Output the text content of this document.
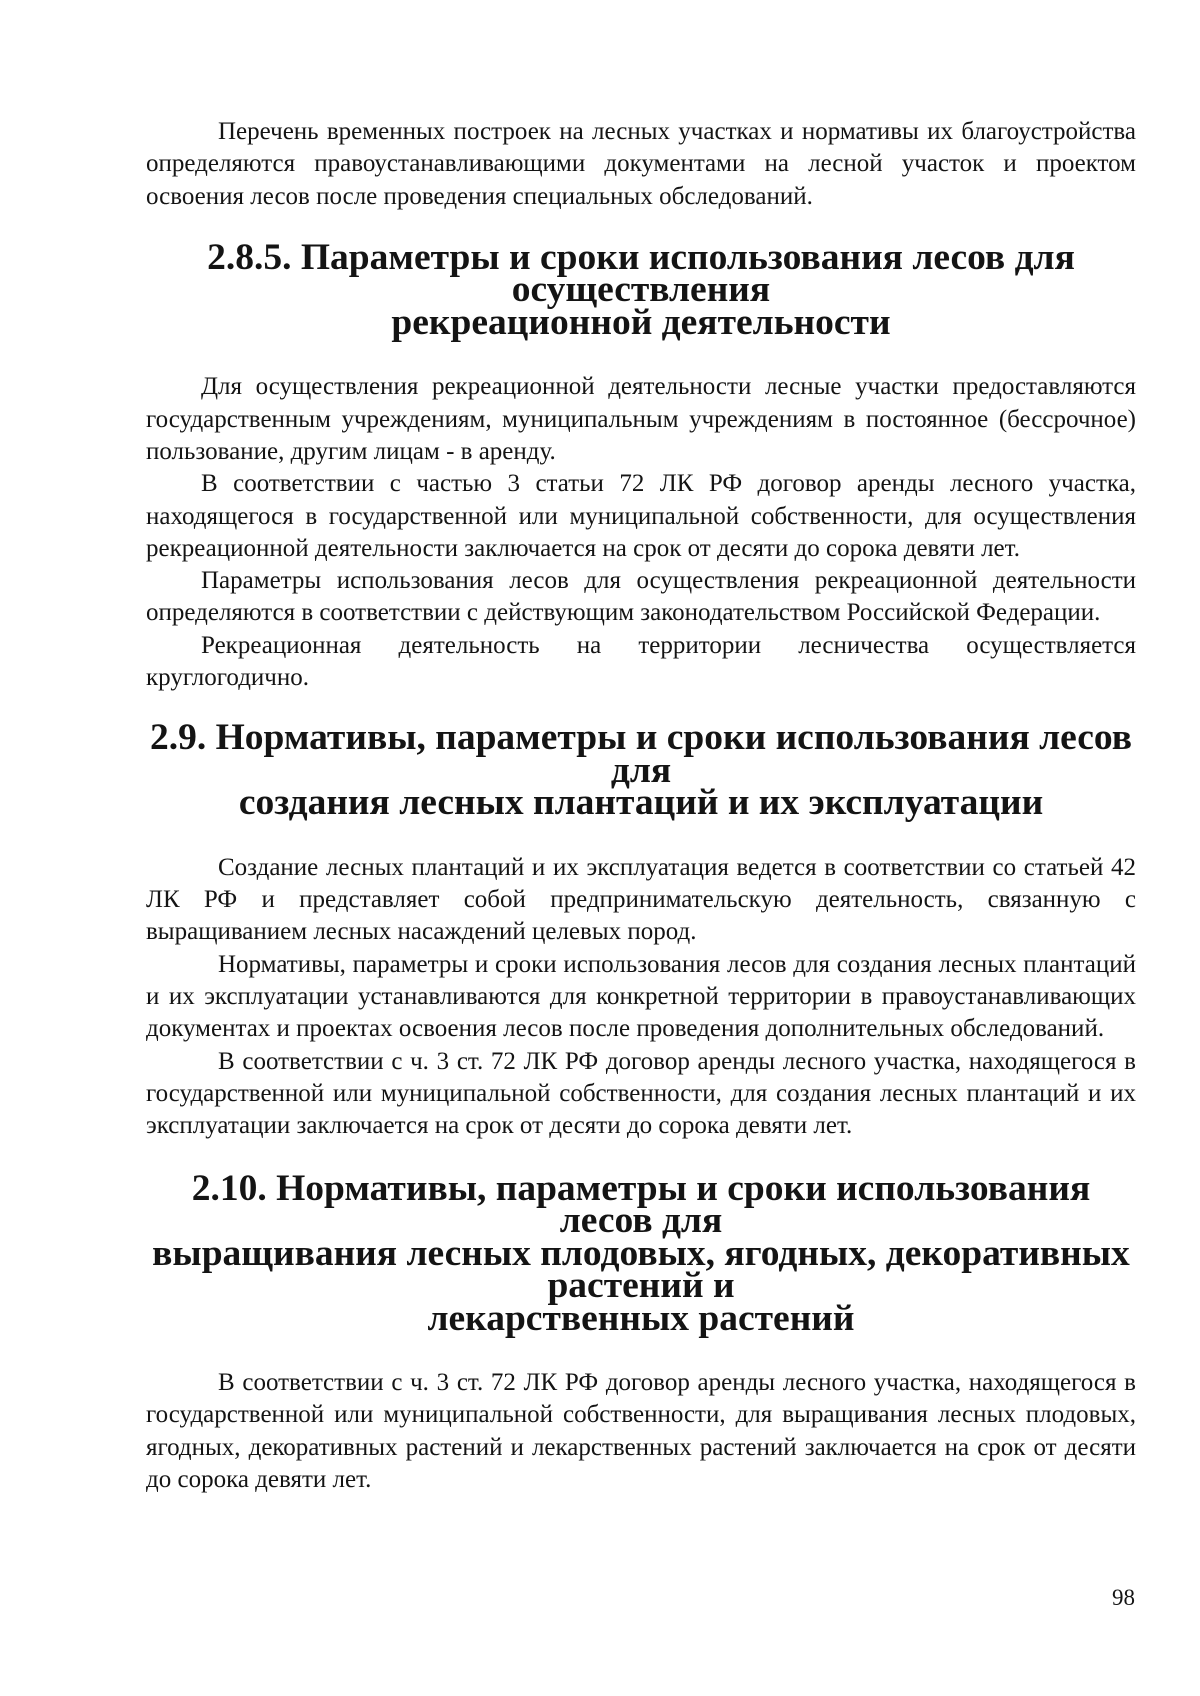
Перечень временных построек на лесных участках и нормативы их благоустройства определяются правоустанавливающими документами на лесной участок и проектом освоения лесов после проведения специальных обследований.

2.8.5. Параметры и сроки использования лесов для осуществления
рекреационной деятельности

Для осуществления рекреационной деятельности лесные участки предоставляются государственным учреждениям, муниципальным учреждениям в постоянное (бессрочное) пользование, другим лицам - в аренду.

В соответствии с частью 3 статьи 72 ЛК РФ договор аренды лесного участка, находящегося в государственной или муниципальной собственности, для осуществления рекреационной деятельности заключается на срок от десяти до сорока девяти лет.

Параметры использования лесов для осуществления рекреационной деятельности определяются в соответствии с действующим законодательством Российской Федерации.

Рекреационная деятельность на территории лесничества осуществляется круглогодично.

2.9. Нормативы, параметры и сроки использования лесов для
создания лесных плантаций и их эксплуатации

Создание лесных плантаций и их эксплуатация ведется в соответствии со статьей 42 ЛК РФ и представляет собой предпринимательскую деятельность, связанную с выращиванием лесных насаждений целевых пород.

Нормативы, параметры и сроки использования лесов для создания лесных плантаций и их эксплуатации устанавливаются для конкретной территории в правоустанавливающих документах и проектах освоения лесов после проведения дополнительных обследований.

В соответствии с ч. 3 ст. 72 ЛК РФ договор аренды лесного участка, находящегося в государственной или муниципальной собственности, для создания лесных плантаций и их эксплуатации заключается на срок от десяти до сорока девяти лет.

2.10. Нормативы, параметры и сроки использования лесов для
выращивания лесных плодовых, ягодных, декоративных растений и
лекарственных растений

В соответствии с ч. 3 ст. 72 ЛК РФ договор аренды лесного участка, находящегося в государственной или муниципальной собственности, для выращивания лесных плодовых, ягодных, декоративных растений и лекарственных растений заключается на срок от десяти до сорока девяти лет.

98
